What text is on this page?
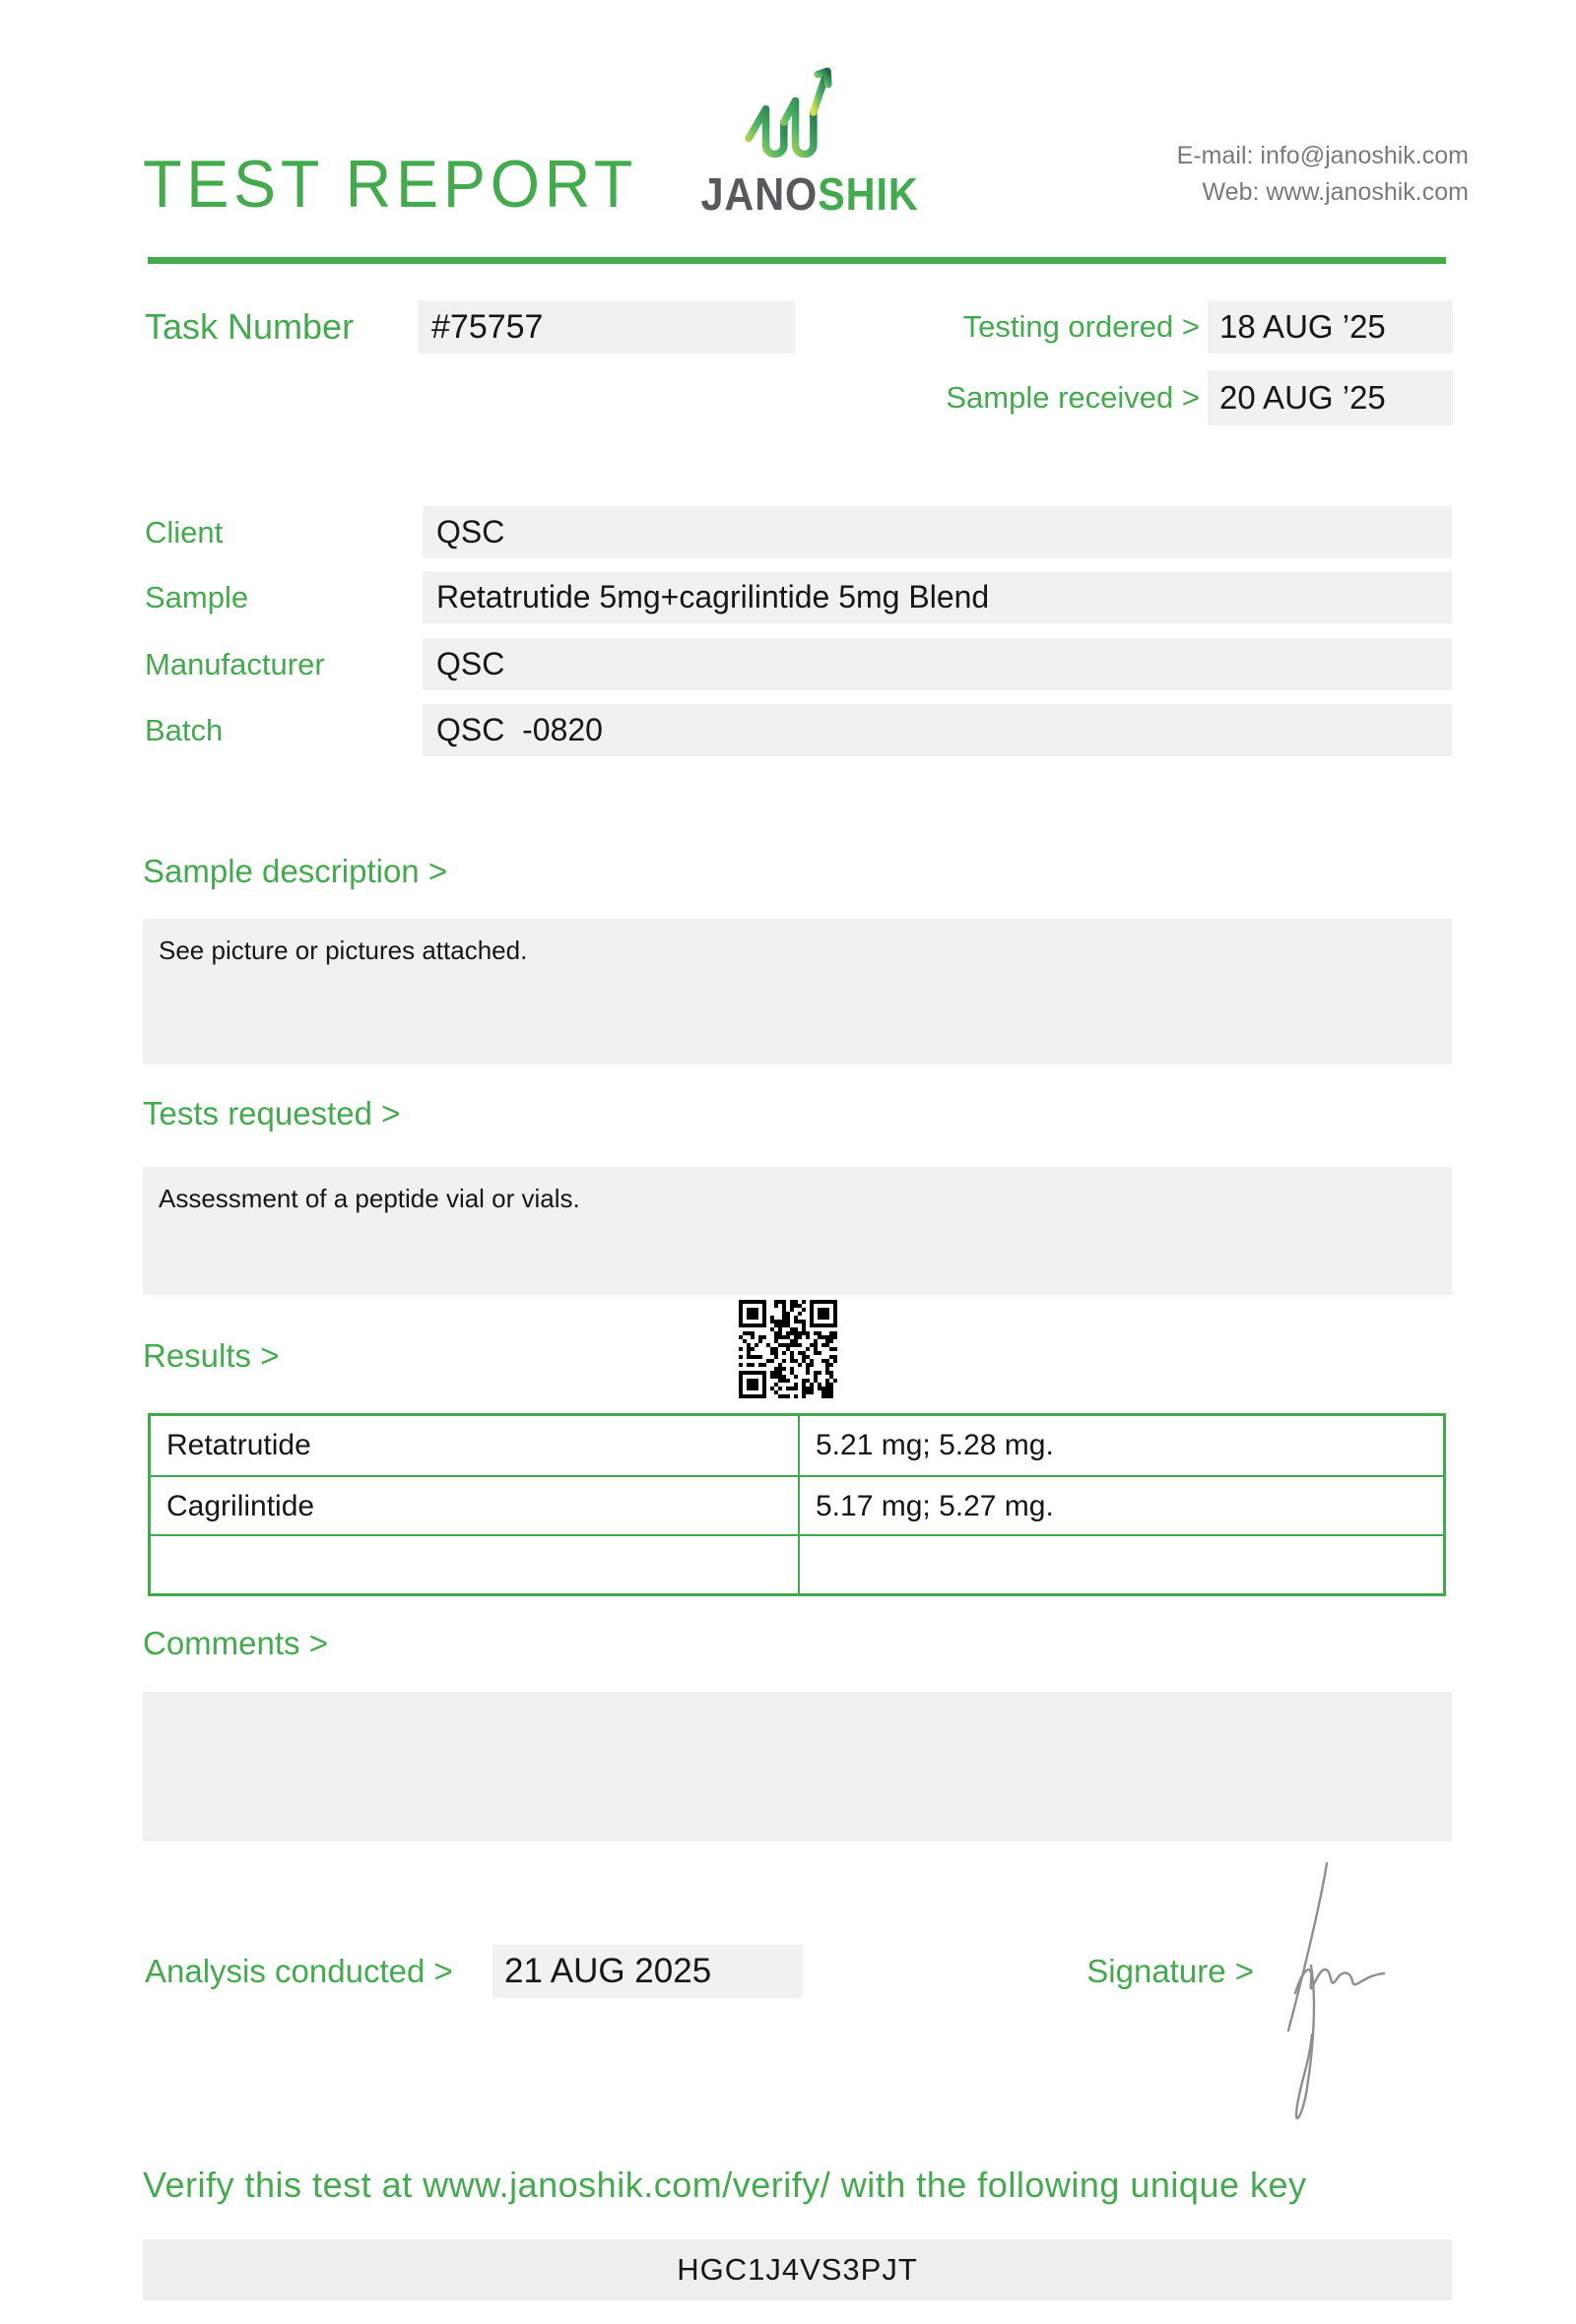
TEST REPORT JANOSHIK
E-mail: info@janoshik.com
Web: www.janoshik.com
Task Number	#75757	Testing ordered > 18 AUG ’25
Sample received > 20 AUG ’25
Client	QSC
Sample	Retatrutide 5mg+cagrilintide 5mg Blend
Manufacturer	QSC
Batch	QSC  -0820
Sample description >
See picture or pictures attached.
Tests requested >
Assessment of a peptide vial or vials.
Results >
Retatrutide	5.21 mg; 5.28 mg.
Cagrilintide	5.17 mg; 5.27 mg.
Comments >
Analysis conducted >	21 AUG 2025	Signature >
Verify this test at www.janoshik.com/verify/ with the following unique key
HGC1J4VS3PJT
